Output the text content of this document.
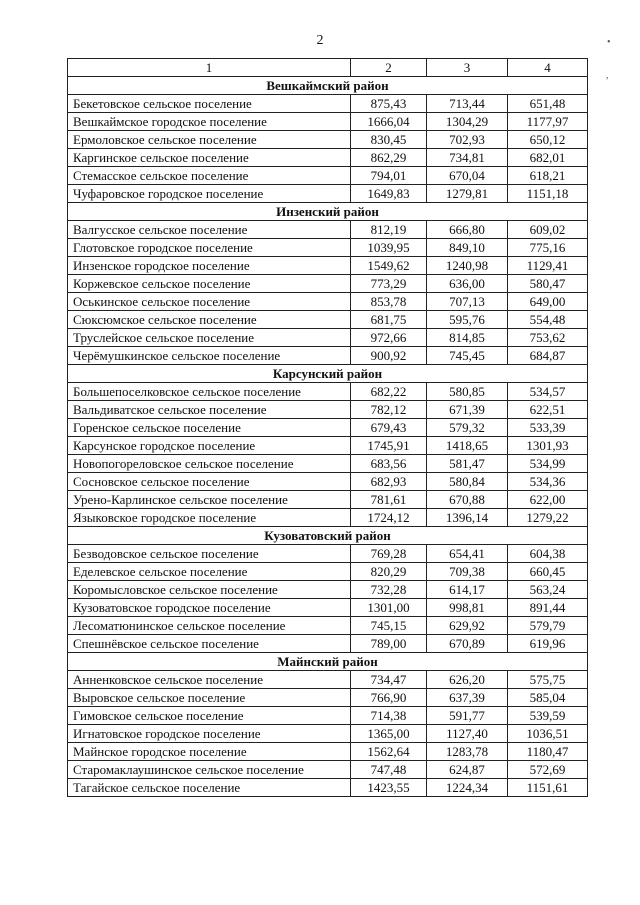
2
1	2	3	4
Вешкаймский район			
Бекетовское сельское поселение	875,43	713,44	651,48
Вешкаймское городское поселение	1666,04	1304,29	1177,97
Ермоловское сельское поселение	830,45	702,93	650,12
Каргинское сельское поселение	862,29	734,81	682,01
Стемасское сельское поселение	794,01	670,04	618,21
Чуфаровское городское поселение	1649,83	1279,81	1151,18
Инзенский район			
Валгусское сельское поселение	812,19	666,80	609,02
Глотовское городское поселение	1039,95	849,10	775,16
Инзенское городское поселение	1549,62	1240,98	1129,41
Коржевское сельское поселение	773,29	636,00	580,47
Оськинское сельское поселение	853,78	707,13	649,00
Сюксюмское сельское поселение	681,75	595,76	554,48
Труслейское сельское поселение	972,66	814,85	753,62
Черёмушкинское сельское поселение	900,92	745,45	684,87
Карсунский район			
Большепоселковское сельское поселение	682,22	580,85	534,57
Вальдиватское сельское поселение	782,12	671,39	622,51
Горенское сельское поселение	679,43	579,32	533,39
Карсунское городское поселение	1745,91	1418,65	1301,93
Новопогореловское сельское поселение	683,56	581,47	534,99
Сосновское сельское поселение	682,93	580,84	534,36
Урено-Карлинское сельское поселение	781,61	670,88	622,00
Языковское городское поселение	1724,12	1396,14	1279,22
Кузоватовский район			
Безводовское сельское поселение	769,28	654,41	604,38
Еделевское сельское поселение	820,29	709,38	660,45
Коромысловское сельское поселение	732,28	614,17	563,24
Кузоватовское городское поселение	1301,00	998,81	891,44
Лесоматюнинское сельское поселение	745,15	629,92	579,79
Спешнёвское сельское поселение	789,00	670,89	619,96
Майнский район			
Анненковское сельское поселение	734,47	626,20	575,75
Выровское сельское поселение	766,90	637,39	585,04
Гимовское сельское поселение	714,38	591,77	539,59
Игнатовское городское поселение	1365,00	1127,40	1036,51
Майнское городское поселение	1562,64	1283,78	1180,47
Старомаклаушинское сельское поселение	747,48	624,87	572,69
Тагайское сельское поселение	1423,55	1224,34	1151,61
•
,
